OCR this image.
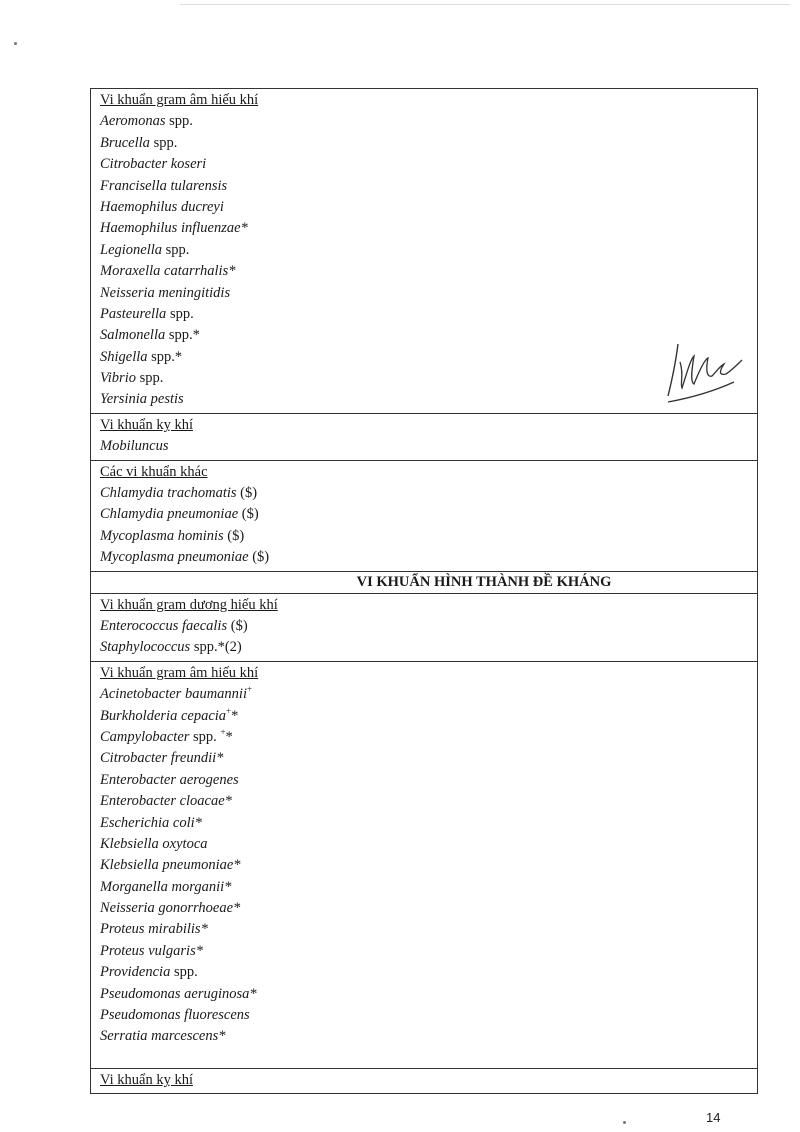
Vi khuẩn gram âm hiếu khí
Aeromonas spp.
Brucella spp.
Citrobacter koseri
Francisella tularensis
Haemophilus ducreyi
Haemophilus influenzae*
Legionella spp.
Moraxella catarrhalis*
Neisseria meningitidis
Pasteurella spp.
Salmonella spp.*
Shigella spp.*
Vibrio spp.
Yersinia pestis
Vi khuẩn kỵ khí
Mobiluncus
Các vi khuẩn khác
Chlamydia trachomatis ($)
Chlamydia pneumoniae ($)
Mycoplasma hominis ($)
Mycoplasma pneumoniae ($)
VI KHUẨN HÌNH THÀNH ĐỀ KHÁNG
Vi khuẩn gram dương hiếu khí
Enterococcus faecalis ($)
Staphylococcus spp.*(2)
Vi khuẩn gram âm hiếu khí
Acinetobacter baumannii+
Burkholderia cepacia+*
Campylobacter spp. +*
Citrobacter freundii*
Enterobacter aerogenes
Enterobacter cloacae*
Escherichia coli*
Klebsiella oxytoca
Klebsiella pneumoniae*
Morganella morganii*
Neisseria gonorrhoeae*
Proteus mirabilis*
Proteus vulgaris*
Providencia spp.
Pseudomonas aeruginosa*
Pseudomonas fluorescens
Serratia marcescens*
Vi khuẩn kỵ khí
14
